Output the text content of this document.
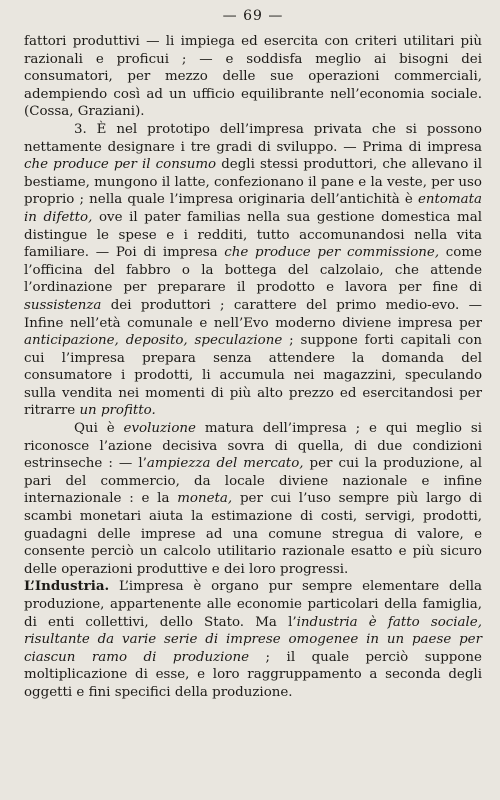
— 69 —

fattori produttivi — li impiega ed esercita con criteri utilitari più razionali e proficui ; — e soddisfa meglio ai bisogni dei consumatori, per mezzo delle sue operazioni commerciali, adempiendo così ad un ufficio equilibrante nell’economia sociale. (Cossa, Graziani).

3. È nel prototipo dell’impresa privata che si possono nettamente designare i tre gradi di sviluppo. — Prima di impresa che produce per il consumo degli stessi produttori, che allevano il bestiame, mungono il latte, confezionano il pane e la veste, per uso proprio ; nella quale l’impresa originaria dell’antichità è entomata in difetto, ove il pater familias nella sua gestione domestica mal distingue le spese e i redditi, tutto accomunandosi nella vita familiare. — Poi di impresa che produce per commissione, come l’officina del fabbro o la bottega del calzolaio, che attende l’ordinazione per preparare il prodotto e lavora per fine di sussistenza dei produttori ; carattere del primo medio-evo. — Infine nell’età comunale e nell’Evo moderno diviene impresa per anticipazione, deposito, speculazione ; suppone forti capitali con cui l’impresa prepara senza attendere la domanda del consumatore i prodotti, li accumula nei magazzini, speculando sulla vendita nei momenti di più alto prezzo ed esercitandosi per ritrarre un profitto.

Qui è evoluzione matura dell’impresa ; e qui meglio si riconosce l’azione decisiva sovra di quella, di due condizioni estrinseche : — l’ampiezza del mercato, per cui la produzione, al pari del commercio, da locale diviene nazionale e infine internazionale : e la moneta, per cui l’uso sempre più largo di scambi monetari aiuta la estimazione di costi, servigi, prodotti, guadagni delle imprese ad una comune stregua di valore, e consente perciò un calcolo utilitario razionale esatto e più sicuro delle operazioni produttive e dei loro progressi.

L’Industria. L’impresa è organo pur sempre elementare della produzione, appartenente alle economie particolari della famiglia, di enti collettivi, dello Stato. Ma l’industria è fatto sociale, risultante da varie serie di imprese omogenee in un paese per ciascun ramo di produzione ; il quale perciò suppone moltiplicazione di esse, e loro raggruppamento a seconda degli oggetti e fini specifici della produzione.
